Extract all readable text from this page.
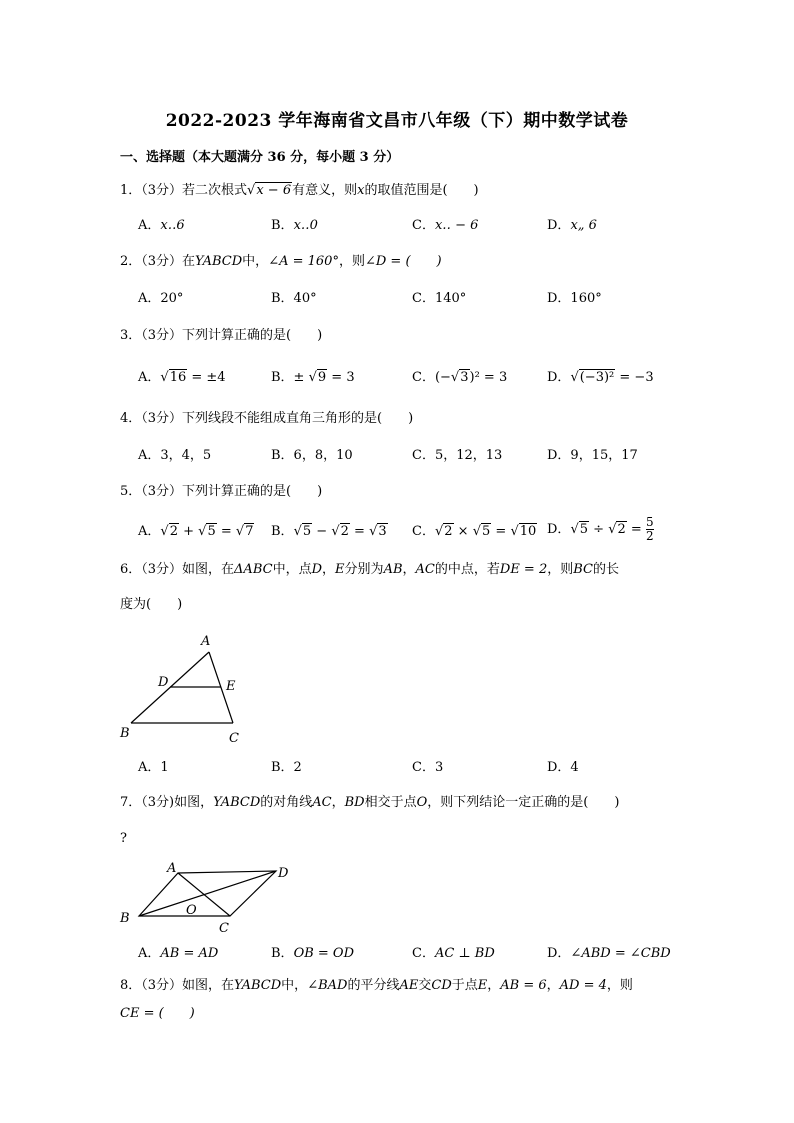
2022-2023 学年海南省文昌市八年级（下）期中数学试卷
一、选择题（本大题满分 36 分，每小题 3 分）
1．（3分）若二次根式√x − 6有意义，则x的取值范围是(　　)
A．x‥6	B．x‥0	C．x‥ − 6	D．x„ 6
2．（3分）在YABCD中，∠A = 160°，则∠D = (　　)
A．20°	B．40°	C．140°	D．160°
3．（3分）下列计算正确的是(　　)
A．√16 = ±4	B．± √9 = 3	C．(−√3)² = 3	D．√(−3)² = −3
4．（3分）下列线段不能组成直角三角形的是(　　)
A．3，4，5	B．6，8，10	C．5，12，13	D．9，15，17
5．（3分）下列计算正确的是(　　)
A．√2 + √5 = √7 B．√5 − √2 = √3 C．√2 × √5 = √10 D．$√5 \div √2 = \frac{5}{2}$
6．（3分）如图，在ΔABC中，点D，E分别为AB，AC的中点，若DE = 2，则BC的长
度为(　　)
A
B	C
D	E
A．1	B．2	C．3	D．4
7．（3分)如图，YABCD的对角线AC，BD相交于点O，则下列结论一定正确的是(　　)
?
A
B
C
D
O
A．AB = AD	B．OB = OD	C．AC ⊥ BD	D．∠ABD = ∠CBD
8．（3分）如图，在YABCD中，∠BAD的平分线AE交CD于点E，AB = 6，AD = 4，则
CE = (　　)
